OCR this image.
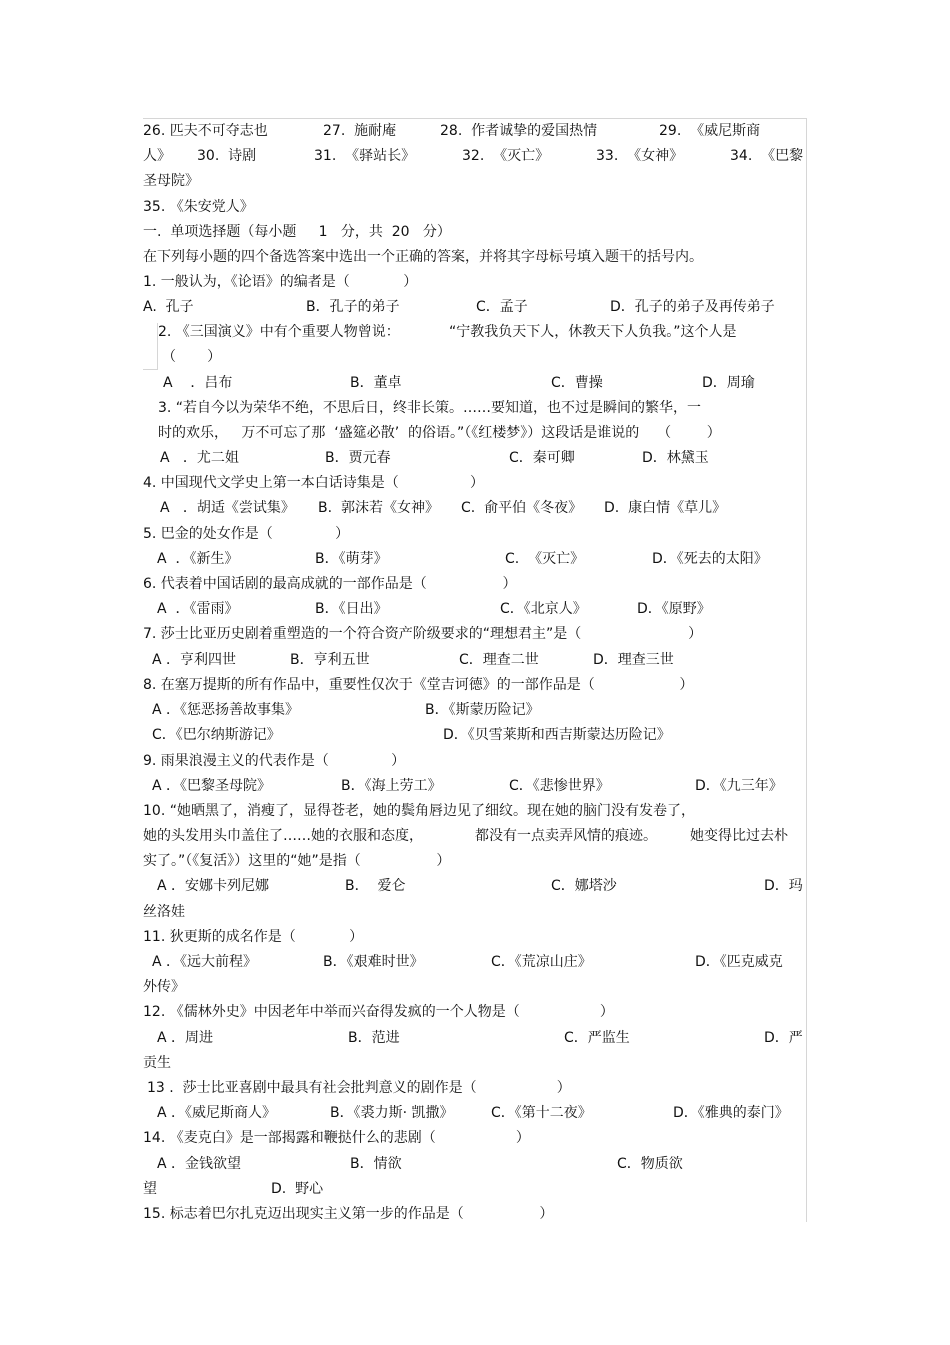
26. 匹夫不可夺志也	27.  施耐庵	28.  作者诚挚的爱国热情	29.  《威尼斯商
人》 30.  诗剧	31.  《驿站长》	32.  《灭亡》	33.  《女神》	34.  《巴黎
圣母院》
35. 《朱安党人》
一.  单项选择题（每小题     1   分，共  20   分）
在下列每小题的四个备选答案中选出一个正确的答案，并将其字母标号填入题干的括号内。
1. 一般认为，《论语》的编者是（            ）
A.  孔子	B．孔子的弟子	C．孟子	D．孔子的弟子及再传弟子
2. 《三国演义》中有个重要人物曾说：	“宁教我负天下人，休教天下人负我。”这个人是
（       ）
A    ．吕布	B．董卓	C．曹操	D．周瑜
3. “若自今以为荣华不绝，不思后日，终非长策。……要知道，也不过是瞬间的繁华，一
时的欢乐，   万不可忘了那  ‘盛筵必散’  的俗语。”（《红楼梦》）这段话是谁说的    （        ）
A   ．尤二姐	B．贾元春	C．秦可卿	D．林黛玉
4. 中国现代文学史上第一本白话诗集是（                ）
A   ．胡适《尝试集》 B.  郭沫若《女神》 C.  俞平伯《冬夜》 D.  康白情《草儿》
5. 巴金的处女作是（              ）
A  ．《新生》	B．《萌芽》	C.  《灭亡》	D．《死去的太阳》
6. 代表着中国话剧的最高成就的一部作品是（                 ）
A  ．《雷雨》	B．《日出》	C．《北京人》	D．《原野》
7. 莎士比亚历史剧着重塑造的一个符合资产阶级要求的“理想君主”是（                        ）
A ．亨利四世	B．亨利五世	C．理查二世	D．理查三世
8. 在塞万提斯的所有作品中，重要性仅次于《堂吉诃德》的一部作品是（                   ）
A ．《惩恶扬善故事集》	B．《斯蒙历险记》
C．《巴尔纳斯游记》	D．《贝雪莱斯和西吉斯蒙达历险记》
9. 雨果浪漫主义的代表作是（              ）
A ．《巴黎圣母院》	B．《海上劳工》	C．《悲惨世界》	D．《九三年》
10. “她晒黑了，消瘦了，显得苍老，她的鬓角唇边见了细纹。现在她的脑门没有发卷了，
她的头发用头巾盖住了……她的衣服和态度，	都没有一点卖弄风情的痕迹。 她变得比过去朴
实了。”（《复活》）这里的“她”是指（                 ）
A ．安娜卡列尼娜	B．  爱仑	C．娜塔沙	D．玛
丝洛娃
11. 狄更斯的成名作是（            ）
A ．《远大前程》	B．《艰难时世》	C．《荒凉山庄》	D．《匹克威克
外传》
12. 《儒林外史》中因老年中举而兴奋得发疯的一个人物是（                  ）
A ．周进	B．范进	C．严监生	D．严
贡生
13 .  莎士比亚喜剧中最具有社会批判意义的剧作是（                  ）
A ．《威尼斯商人》	B．《裘力斯· 凯撒》	C．《第十二夜》	D．《雅典的泰门》
14. 《麦克白》是一部揭露和鞭挞什么的悲剧（                  ）
A ．金钱欲望	B．情欲	C．物质欲
望	D.  野心
15. 标志着巴尔扎克迈出现实主义第一步的作品是（                 ）
